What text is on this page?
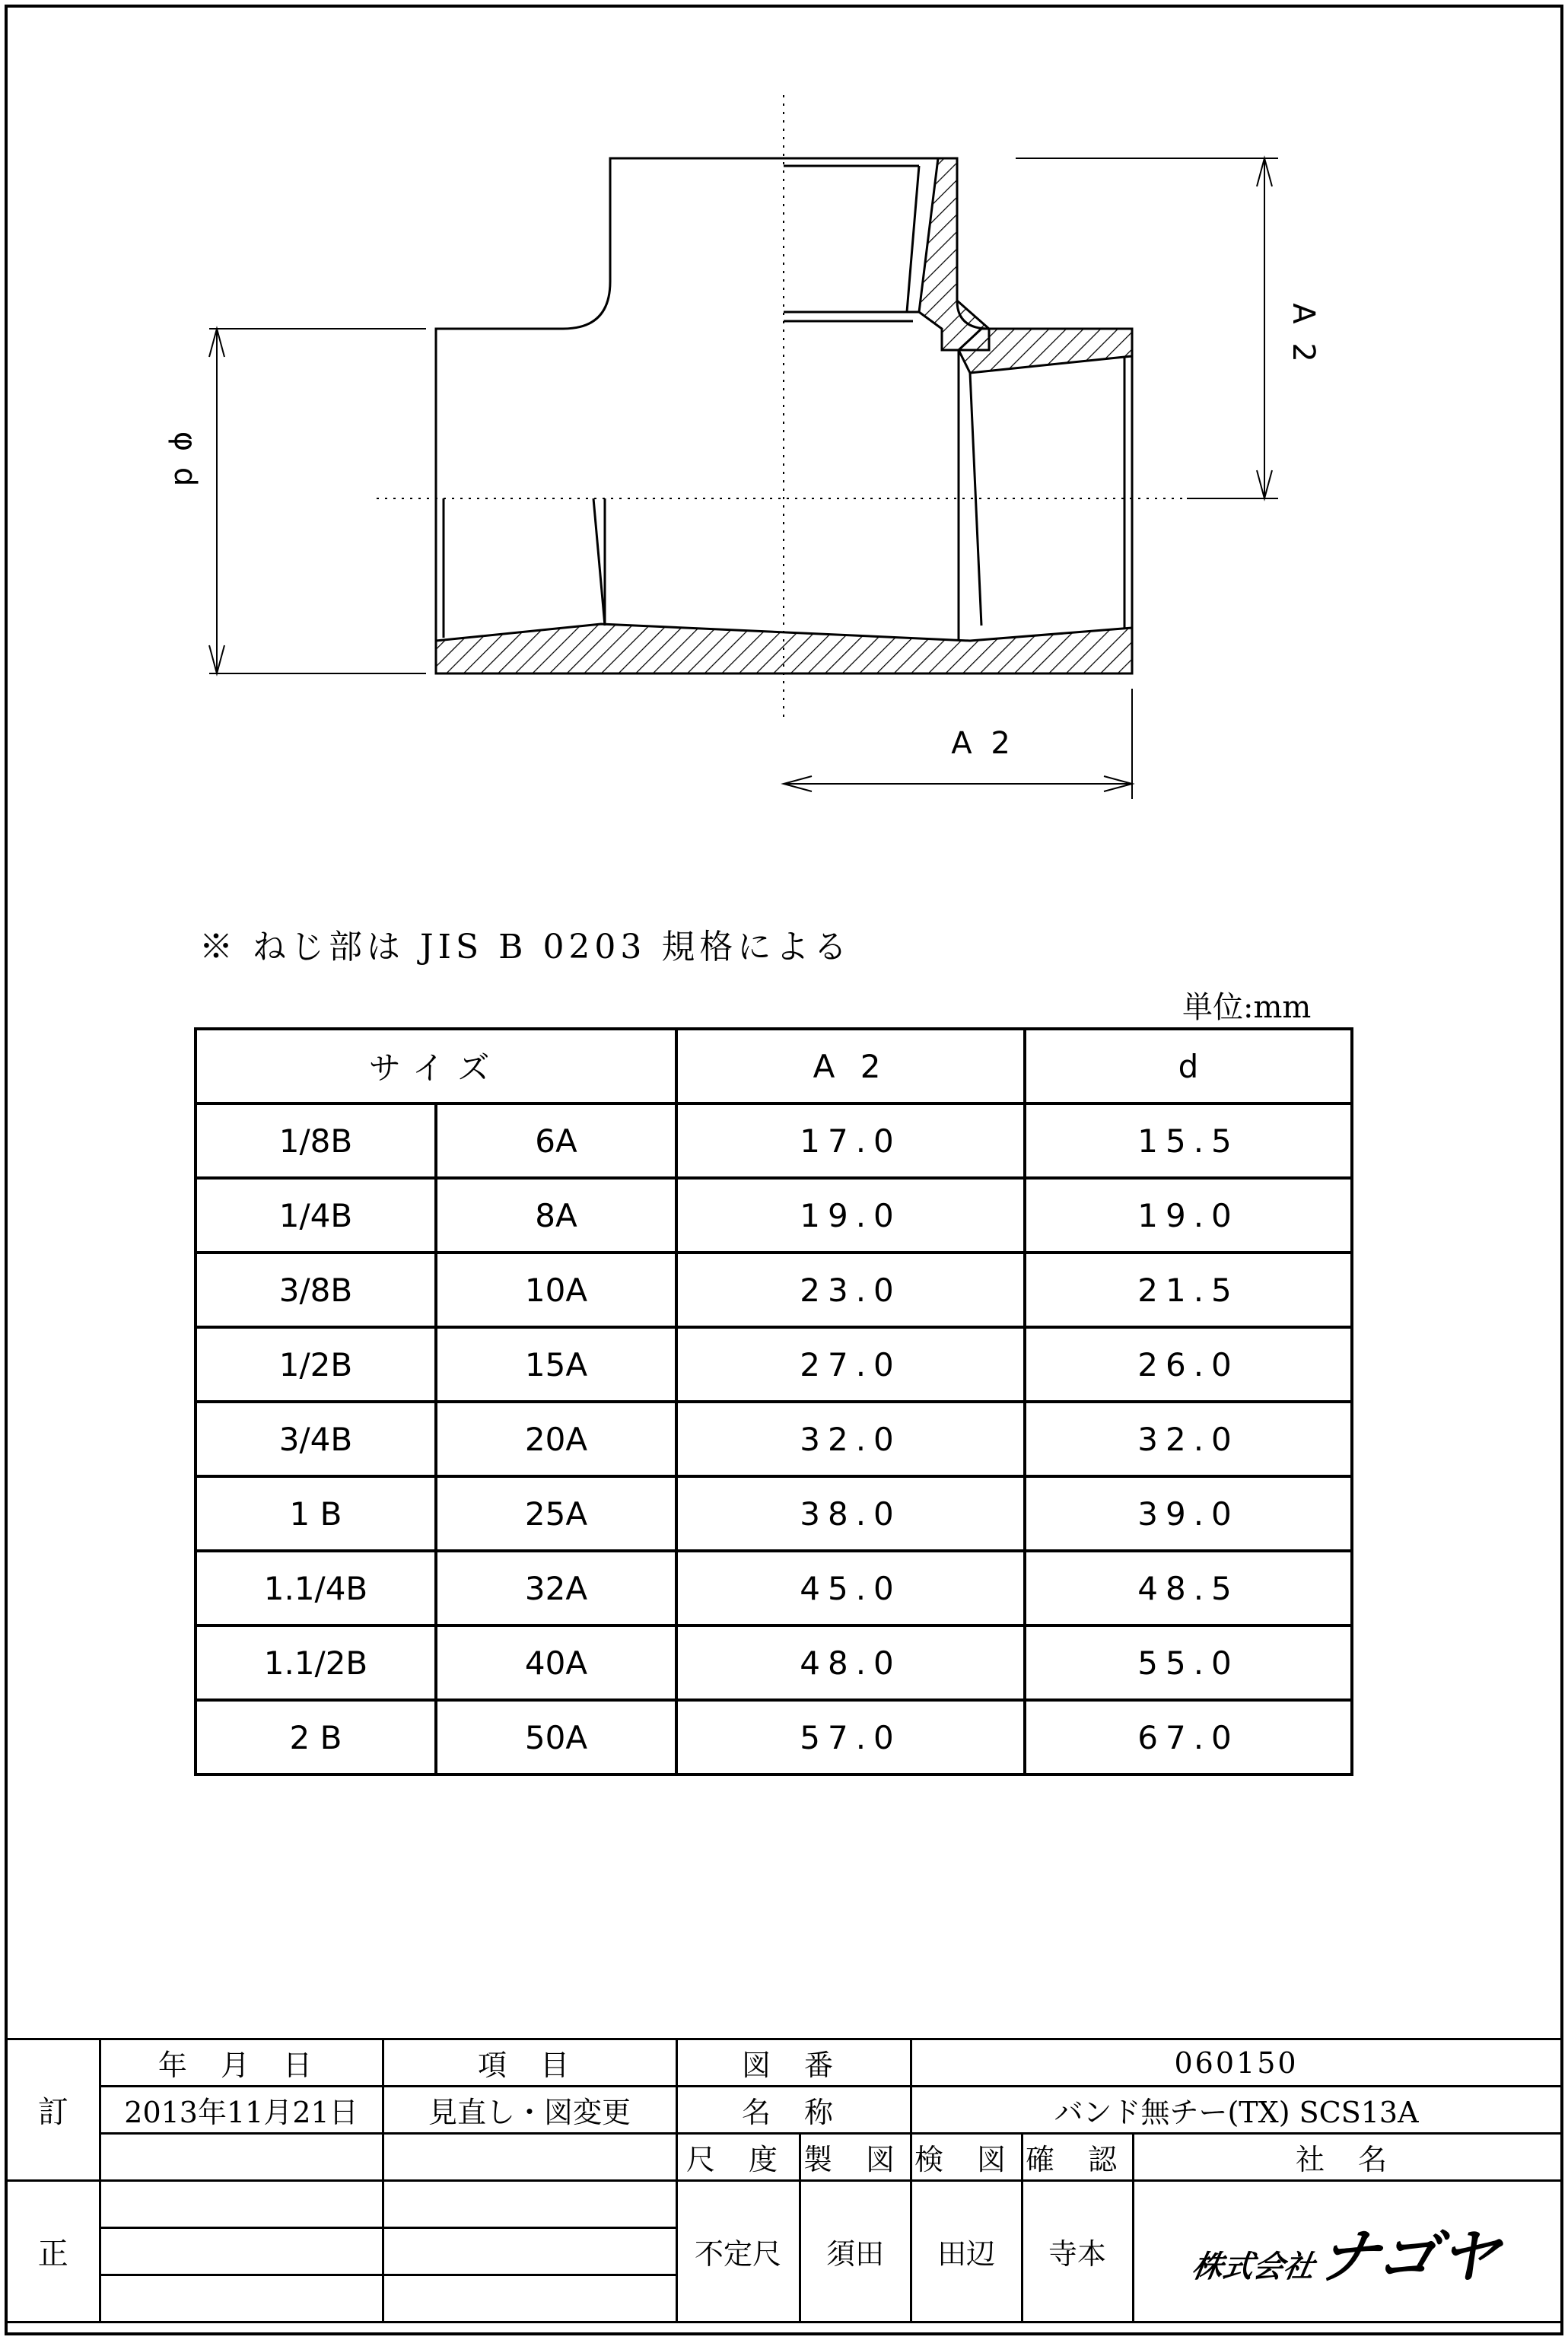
A 2
φ d
A 2
※ ねじ部は JIS B 0203 規格による
単位:mm
サイズ		A 2	d
1/8B	6A	17.0	15.5
1/4B	8A	19.0	19.0
3/8B	10A	23.0	21.5
1/2B	15A	27.0	26.0
3/4B	20A	32.0	32.0
1 B	25A	38.0	39.0
1.1/4B	32A	45.0	48.5
1.1/2B	40A	48.0	55.0
2 B	50A	57.0	67.0
訂	年 月 日	項 目	図 番		060150		
	2013年11月21日	見直し・図変更	名 称		バンド無チー(TX) SCS13A		
			尺 度	製 図	検 図	確 認	社 名
正			不定尺	須田	田辺	寺本	株式会社
ナゴヤ
